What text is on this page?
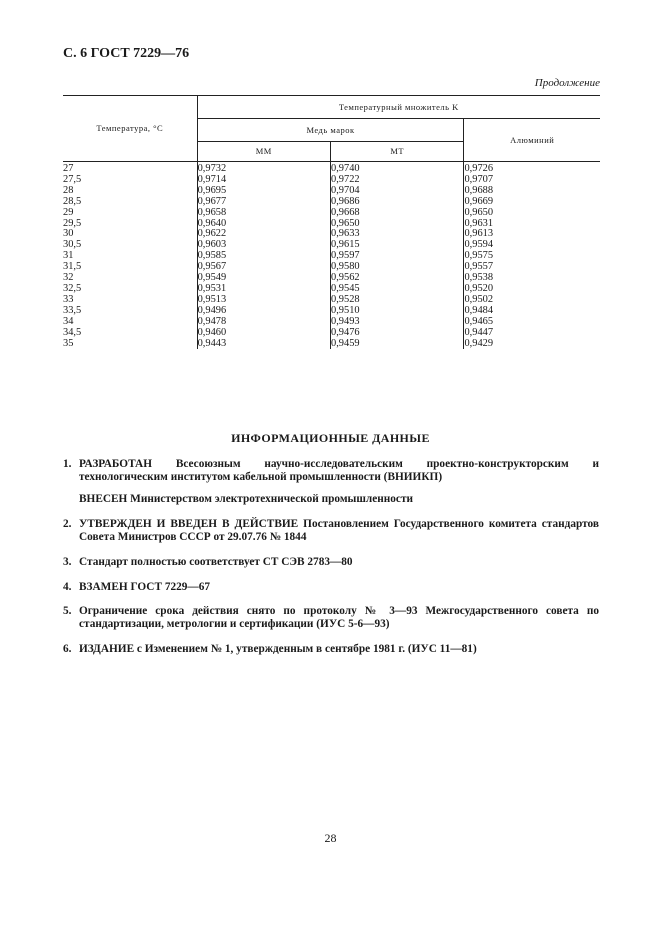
С. 6 ГОСТ 7229—76
Продолжение
Температура, °С	Температурный множитель K		
	Медь марок		Алюминий
	ММ	МТ	
27	0,9732	0,9740	0,9726
27,5	0,9714	0,9722	0,9707
28	0,9695	0,9704	0,9688
28,5	0,9677	0,9686	0,9669
29	0,9658	0,9668	0,9650
29,5	0,9640	0,9650	0,9631
30	0,9622	0,9633	0,9613
30,5	0,9603	0,9615	0,9594
31	0,9585	0,9597	0,9575
31,5	0,9567	0,9580	0,9557
32	0,9549	0,9562	0,9538
32,5	0,9531	0,9545	0,9520
33	0,9513	0,9528	0,9502
33,5	0,9496	0,9510	0,9484
34	0,9478	0,9493	0,9465
34,5	0,9460	0,9476	0,9447
35	0,9443	0,9459	0,9429
ИНФОРМАЦИОННЫЕ ДАННЫЕ
1. РАЗРАБОТАН Всесоюзным научно-исследовательским проектно-конструкторским и технологическим институтом кабельной промышленности (ВНИИКП)
ВНЕСЕН Министерством электротехнической промышленности
2. УТВЕРЖДЕН И ВВЕДЕН В ДЕЙСТВИЕ Постановлением Государственного комитета стандартов Совета Министров СССР от 29.07.76 № 1844
3. Стандарт полностью соответствует СТ СЭВ 2783—80
4. ВЗАМЕН ГОСТ 7229—67
5. Ограничение срока действия снято по протоколу № 3—93 Межгосударственного совета по стандартизации, метрологии и сертификации (ИУС 5-6—93)
6. ИЗДАНИЕ с Изменением № 1, утвержденным в сентябре 1981 г. (ИУС 11—81)
28
